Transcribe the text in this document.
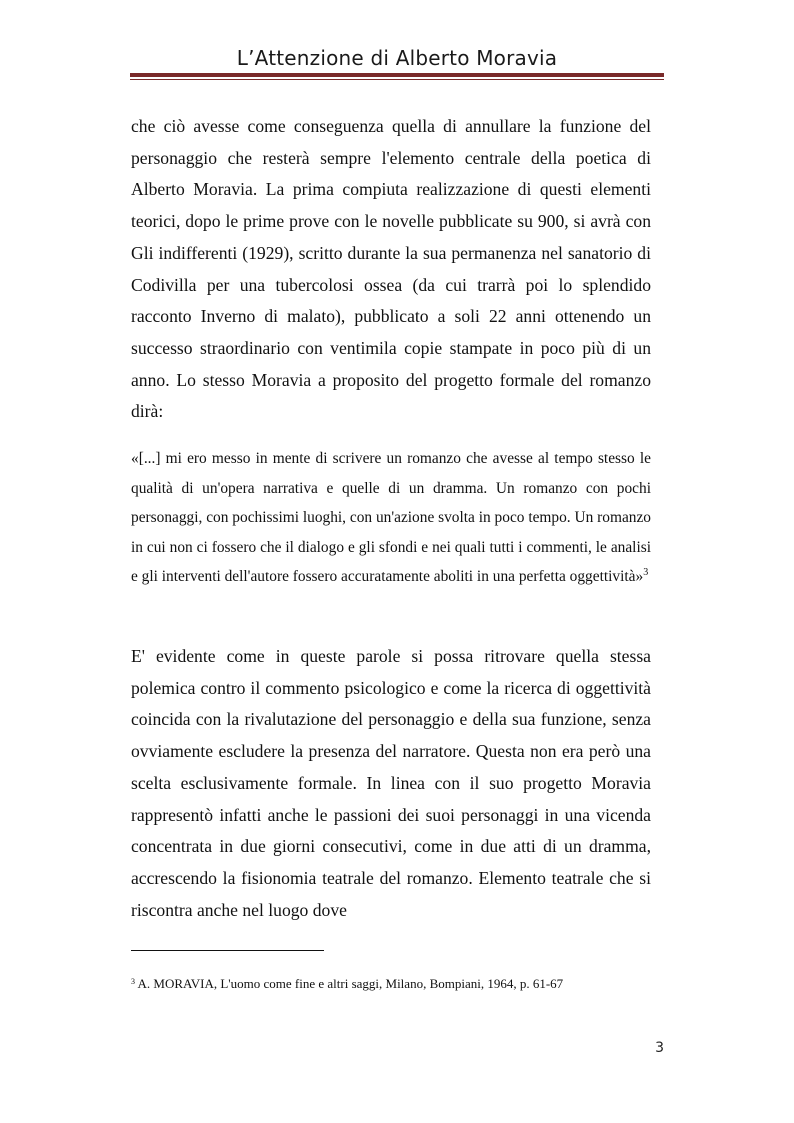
L’Attenzione di Alberto Moravia

che ciò avesse come conseguenza quella di annullare la funzione del personaggio che resterà sempre l'elemento centrale della poetica di Alberto Moravia. La prima compiuta realizzazione di questi elementi teorici, dopo le prime prove con le novelle pubblicate su 900, si avrà con Gli indifferenti (1929), scritto durante la sua permanenza nel sanatorio di Codivilla per una tubercolosi ossea (da cui trarrà poi lo splendido racconto Inverno di malato), pubblicato a soli 22 anni ottenendo un successo straordinario con ventimila copie stampate in poco più di un anno. Lo stesso Moravia a proposito del progetto formale del romanzo dirà:

«[...] mi ero messo in mente di scrivere un romanzo che avesse al tempo stesso le qualità di un'opera narrativa e quelle di un dramma. Un romanzo con pochi personaggi, con pochissimi luoghi, con un'azione svolta in poco tempo. Un romanzo in cui non ci fossero che il dialogo e gli sfondi e nei quali tutti i commenti, le analisi e gli interventi dell'autore fossero accuratamente aboliti in una perfetta oggettività»$^3$

E' evidente come in queste parole si possa ritrovare quella stessa polemica contro il commento psicologico e come la ricerca di oggettività coincida con la rivalutazione del personaggio e della sua funzione, senza ovviamente escludere la presenza del narratore. Questa non era però una scelta esclusivamente formale. In linea con il suo progetto Moravia rappresentò infatti anche le passioni dei suoi personaggi in una vicenda concentrata in due giorni consecutivi, come in due atti di un dramma, accrescendo la fisionomia teatrale del romanzo. Elemento teatrale che si riscontra anche nel luogo dove

$^3$ A. MORAVIA, L'uomo come fine e altri saggi, Milano, Bompiani, 1964, p. 61-67

3
